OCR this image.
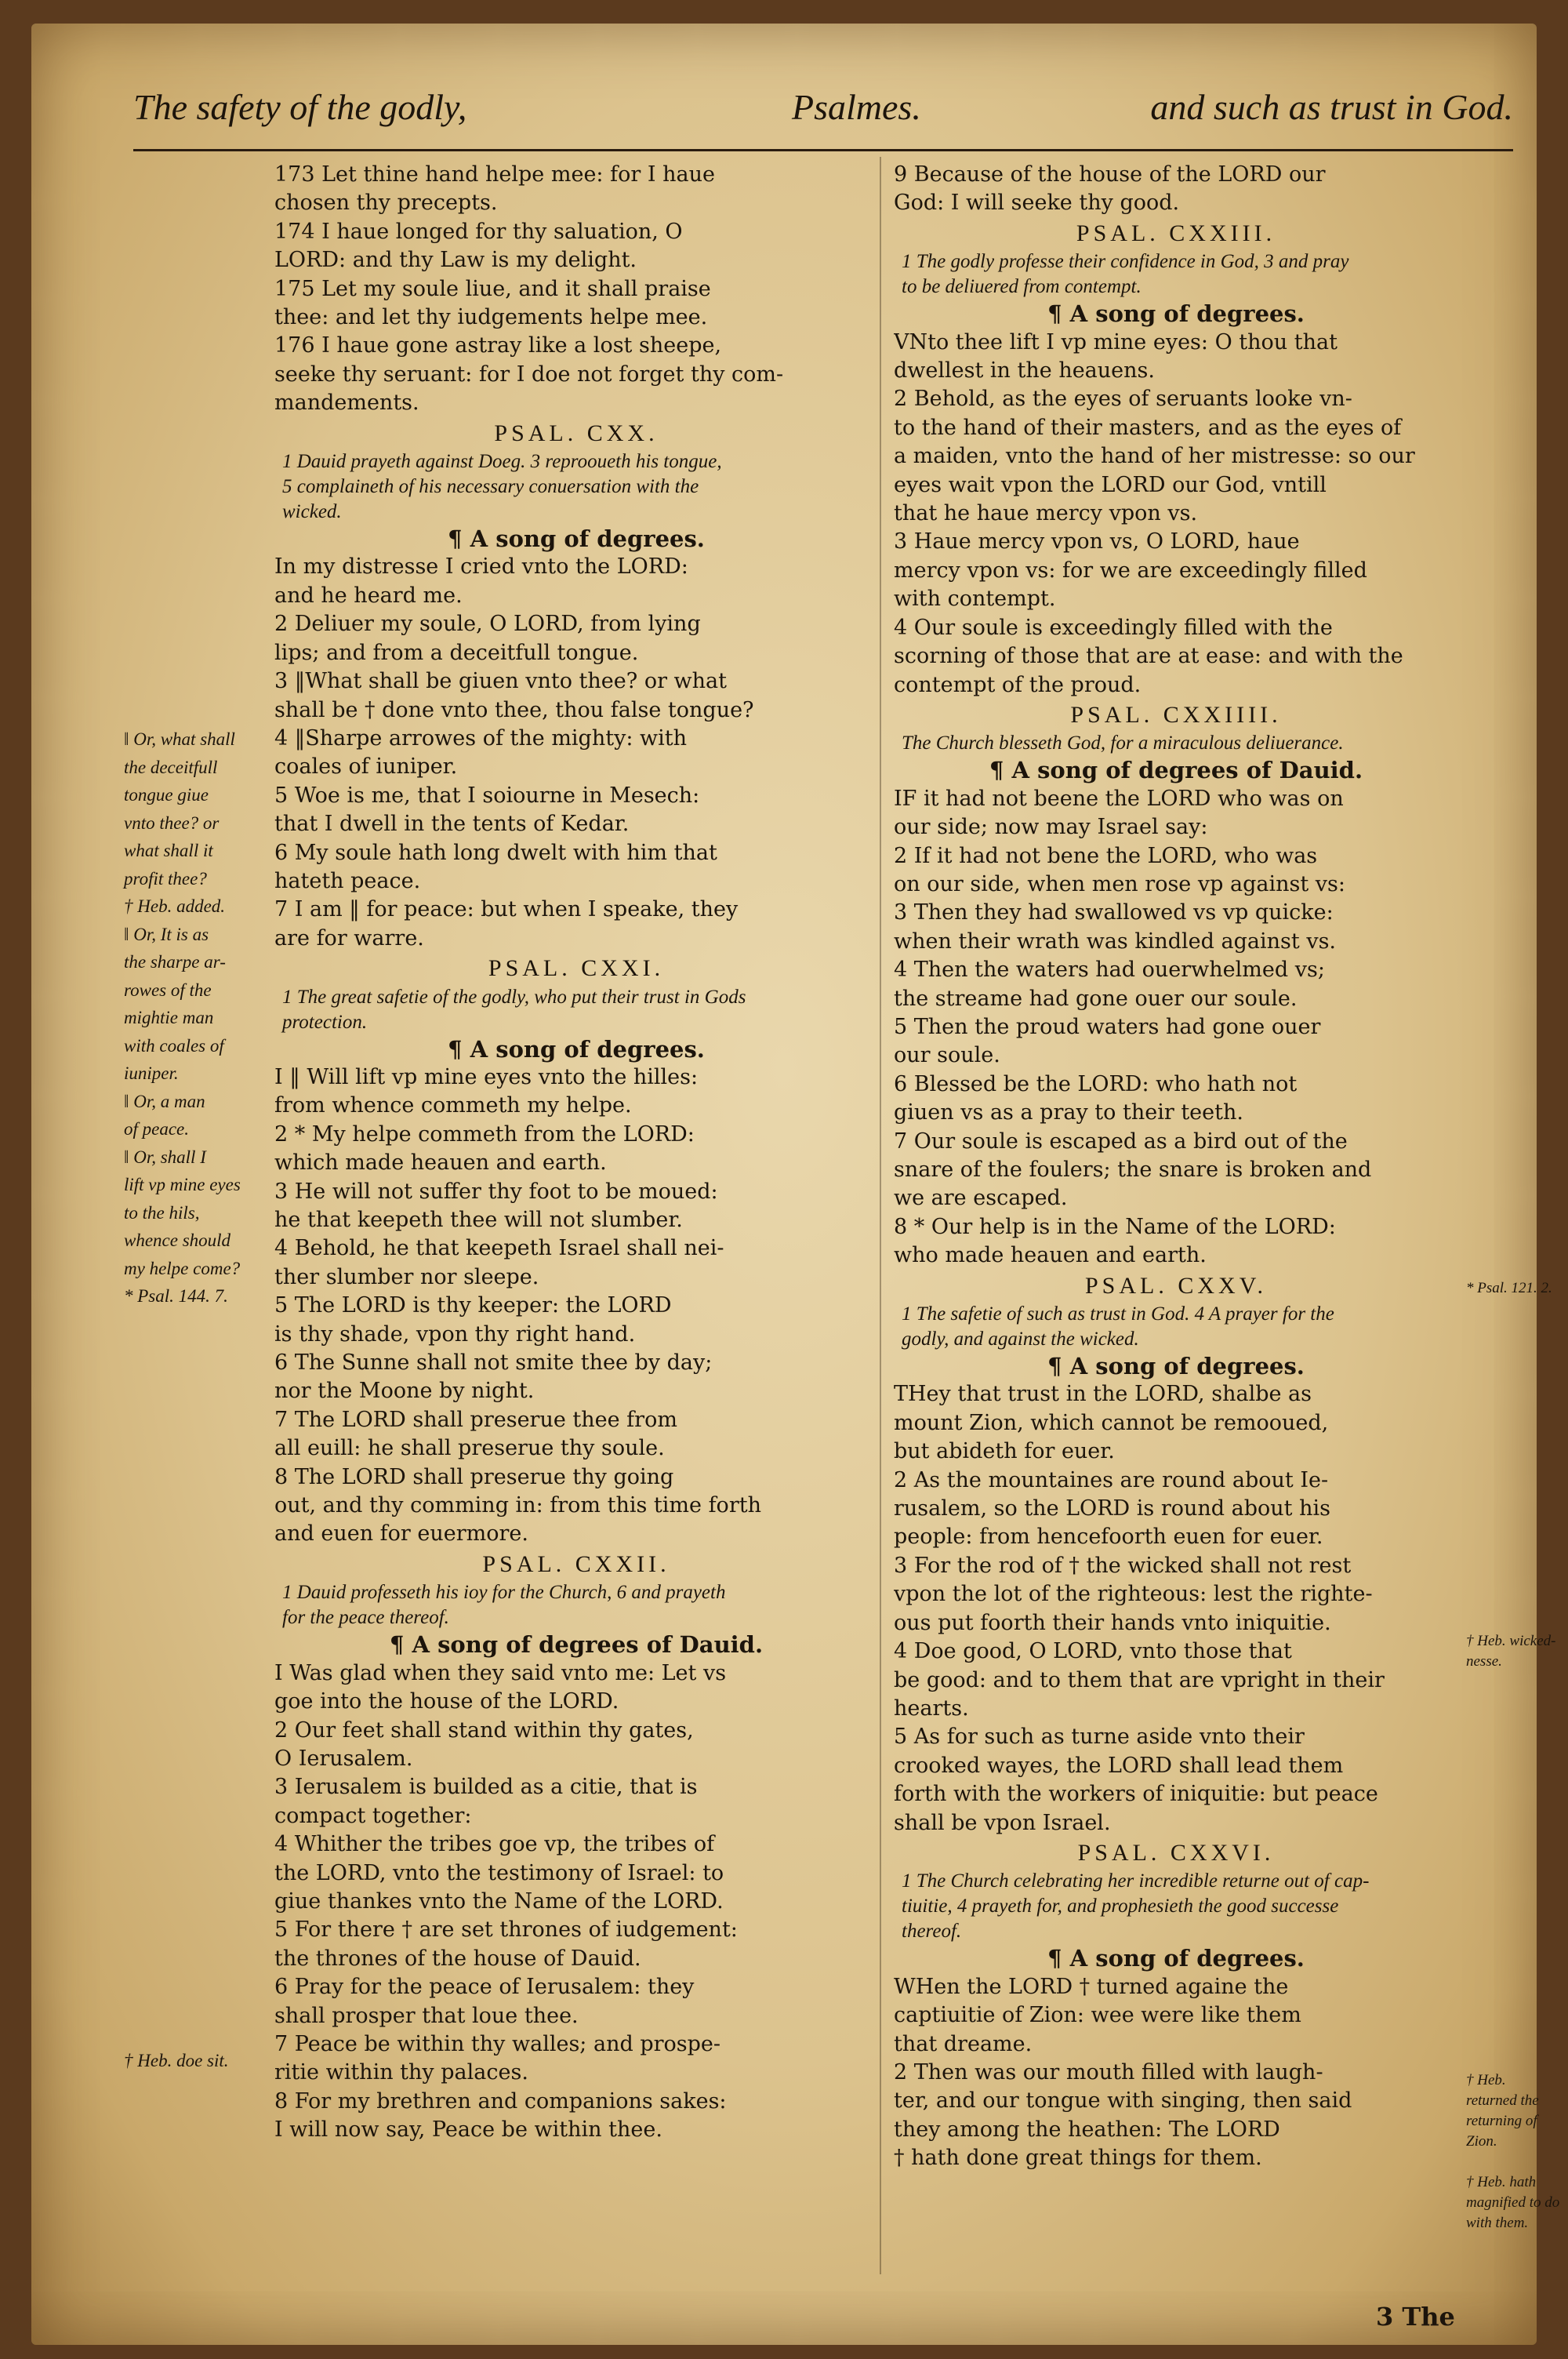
The safety of the godly,	Psalmes.	and such as trust in God.
‖ Or, what shall
the deceitfull
tongue giue
vnto thee? or
what shall it
profit thee?
† Heb. added.
‖ Or, It is as
the sharpe ar-
rowes of the
mightie man
with coales of
iuniper.
‖ Or, a man
of peace.
‖ Or, shall I
lift vp mine eyes
to the hils,
whence should
my helpe come?
* Psal. 144. 7.
† Heb. doe sit.
173 Let thine hand helpe mee: for I haue
chosen thy precepts.
174 I haue longed for thy saluation, O
LORD: and thy Law is my delight.
175 Let my soule liue, and it shall praise
thee: and let thy iudgements helpe mee.
176 I haue gone astray like a lost sheepe,
seeke thy seruant: for I doe not forget thy com-
mandements.
PSAL. CXX.
1 Dauid prayeth against Doeg. 3 reprooueth his tongue,
5 complaineth of his necessary conuersation with the
wicked.
¶ A song of degrees.
In my distresse I cried vnto the LORD:
and he heard me.
2 Deliuer my soule, O LORD, from lying
lips; and from a deceitfull tongue.
3 ‖What shall be giuen vnto thee? or what
shall be † done vnto thee, thou false tongue?
4 ‖Sharpe arrowes of the mighty: with
coales of iuniper.
5 Woe is me, that I soiourne in Mesech:
that I dwell in the tents of Kedar.
6 My soule hath long dwelt with him that
hateth peace.
7 I am ‖ for peace: but when I speake, they
are for warre.
PSAL. CXXI.
1 The great safetie of the godly, who put their trust in Gods
protection.
¶ A song of degrees.
I ‖ Will lift vp mine eyes vnto the hilles:
from whence commeth my helpe.
2 * My helpe commeth from the LORD:
which made heauen and earth.
3 He will not suffer thy foot to be moued:
he that keepeth thee will not slumber.
4 Behold, he that keepeth Israel shall nei-
ther slumber nor sleepe.
5 The LORD is thy keeper: the LORD
is thy shade, vpon thy right hand.
6 The Sunne shall not smite thee by day;
nor the Moone by night.
7 The LORD shall preserue thee from
all euill: he shall preserue thy soule.
8 The LORD shall preserue thy going
out, and thy comming in: from this time forth
and euen for euermore.
PSAL. CXXII.
1 Dauid professeth his ioy for the Church, 6 and prayeth
for the peace thereof.
¶ A song of degrees of Dauid.
I Was glad when they said vnto me: Let vs
goe into the house of the LORD.
2 Our feet shall stand within thy gates,
O Ierusalem.
3 Ierusalem is builded as a citie, that is
compact together:
4 Whither the tribes goe vp, the tribes of
the LORD, vnto the testimony of Israel: to
giue thankes vnto the Name of the LORD.
5 For there † are set thrones of iudgement:
the thrones of the house of Dauid.
6 Pray for the peace of Ierusalem: they
shall prosper that loue thee.
7 Peace be within thy walles; and prospe-
ritie within thy palaces.
8 For my brethren and companions sakes:
I will now say, Peace be within thee.
9 Because of the house of the LORD our
God: I will seeke thy good.
PSAL. CXXIII.
1 The godly professe their confidence in God, 3 and pray
to be deliuered from contempt.
¶ A song of degrees.
VNto thee lift I vp mine eyes: O thou that
dwellest in the heauens.
2 Behold, as the eyes of seruants looke vn-
to the hand of their masters, and as the eyes of
a maiden, vnto the hand of her mistresse: so our
eyes wait vpon the LORD our God, vntill
that he haue mercy vpon vs.
3 Haue mercy vpon vs, O LORD, haue
mercy vpon vs: for we are exceedingly filled
with contempt.
4 Our soule is exceedingly filled with the
scorning of those that are at ease: and with the
contempt of the proud.
PSAL. CXXIIII.
The Church blesseth God, for a miraculous deliuerance.
¶ A song of degrees of Dauid.
IF it had not beene the LORD who was on
our side; now may Israel say:
2 If it had not bene the LORD, who was
on our side, when men rose vp against vs:
3 Then they had swallowed vs vp quicke:
when their wrath was kindled against vs.
4 Then the waters had ouerwhelmed vs;
the streame had gone ouer our soule.
5 Then the proud waters had gone ouer
our soule.
6 Blessed be the LORD: who hath not
giuen vs as a pray to their teeth.
7 Our soule is escaped as a bird out of the
snare of the foulers; the snare is broken and
we are escaped.
8 * Our help is in the Name of the LORD:
who made heauen and earth.
PSAL. CXXV.
1 The safetie of such as trust in God. 4 A prayer for the
godly, and against the wicked.
¶ A song of degrees.
THey that trust in the LORD, shalbe as
mount Zion, which cannot be remooued,
but abideth for euer.
2 As the mountaines are round about Ie-
rusalem, so the LORD is round about his
people: from hencefoorth euen for euer.
3 For the rod of † the wicked shall not rest
vpon the lot of the righteous: lest the righte-
ous put foorth their hands vnto iniquitie.
4 Doe good, O LORD, vnto those that
be good: and to them that are vpright in their
hearts.
5 As for such as turne aside vnto their
crooked wayes, the LORD shall lead them
forth with the workers of iniquitie: but peace
shall be vpon Israel.
PSAL. CXXVI.
1 The Church celebrating her incredible returne out of cap-
tiuitie, 4 prayeth for, and prophesieth the good successe
thereof.
¶ A song of degrees.
WHen the LORD † turned againe the
captiuitie of Zion: wee were like them
that dreame.
2 Then was our mouth filled with laugh-
ter, and our tongue with singing, then said
they among the heathen: The LORD
† hath done great things for them.
* Psal. 121. 2.
† Heb. wicked-nesse.
† Heb. returned the returning of Zion.
† Heb. hath magnified to do with them.
3 The
